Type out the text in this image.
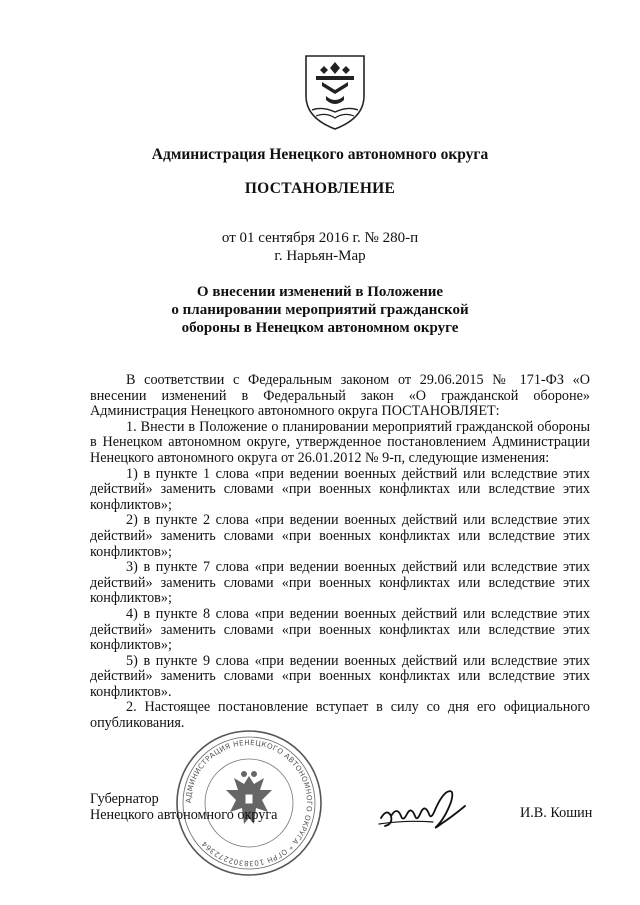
Администрация Ненецкого автономного округа
ПОСТАНОВЛЕНИЕ
от 01 сентября 2016 г. № 280-п
г. Нарьян-Мар
О внесении изменений в Положение
о планировании мероприятий гражданской
обороны в Ненецком автономном округе

В соответствии с Федеральным законом от 29.06.2015 № 171-ФЗ «О внесении изменений в Федеральный закон «О гражданской обороне» Администрация Ненецкого автономного округа ПОСТАНОВЛЯЕТ:

1. Внести в Положение о планировании мероприятий гражданской обороны в Ненецком автономном округе, утвержденное постановлением Администрации Ненецкого автономного округа от 26.01.2012 № 9-п, следующие изменения:

1) в пункте 1 слова «при ведении военных действий или вследствие этих действий» заменить словами «при военных конфликтах или вследствие этих конфликтов»;

2) в пункте 2 слова «при ведении военных действий или вследствие этих действий» заменить словами «при военных конфликтах или вследствие этих конфликтов»;

3) в пункте 7 слова «при ведении военных действий или вследствие этих действий» заменить словами «при военных конфликтах или вследствие этих конфликтов»;

4) в пункте 8 слова «при ведении военных действий или вследствие этих действий» заменить словами «при военных конфликтах или вследствие этих конфликтов»;

5) в пункте 9 слова «при ведении военных действий или вследствие этих действий» заменить словами «при военных конфликтах или вследствие этих конфликтов».

2. Настоящее постановление вступает в силу со дня его официального опубликования.

АДМИНИСТРАЦИЯ НЕНЕЦКОГО АВТОНОМНОГО ОКРУГА * ОГРН 1038302272364
Губернатор
Ненецкого автономного округа	И.В. Кошин
